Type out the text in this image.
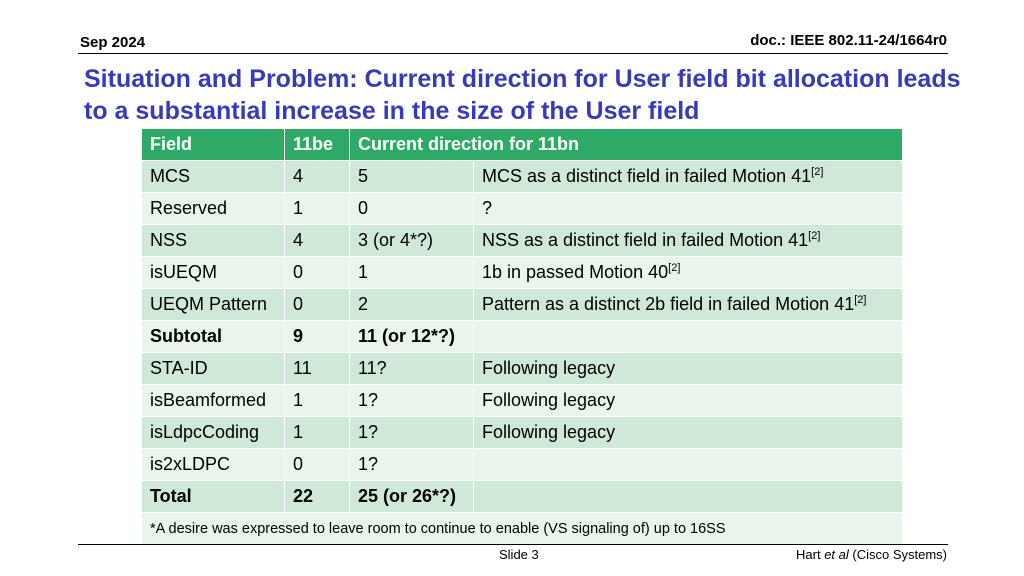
Sep 2024	doc.: IEEE 802.11-24/1664r0
Situation and Problem: Current direction for User field bit allocation leads to a substantial increase in the size of the User field
Field	11be	Current direction for 11bn	
MCS	4	5	MCS as a distinct field in failed Motion 41[2]
Reserved	1	0	?
NSS	4	3 (or 4*?)	NSS as a distinct field in failed Motion 41[2]
isUEQM	0	1	1b in passed Motion 40[2]
UEQM Pattern	0	2	Pattern as a distinct 2b field in failed Motion 41[2]
Subtotal	9	11 (or 12*?)	
STA-ID	11	11?	Following legacy
isBeamformed	1	1?	Following legacy
isLdpcCoding	1	1?	Following legacy
is2xLDPC	0	1?	
Total	22	25 (or 26*?)	
*A desire was expressed to leave room to continue to enable (VS signaling of) up to 16SS			
Slide 3	Hart et al (Cisco Systems)
